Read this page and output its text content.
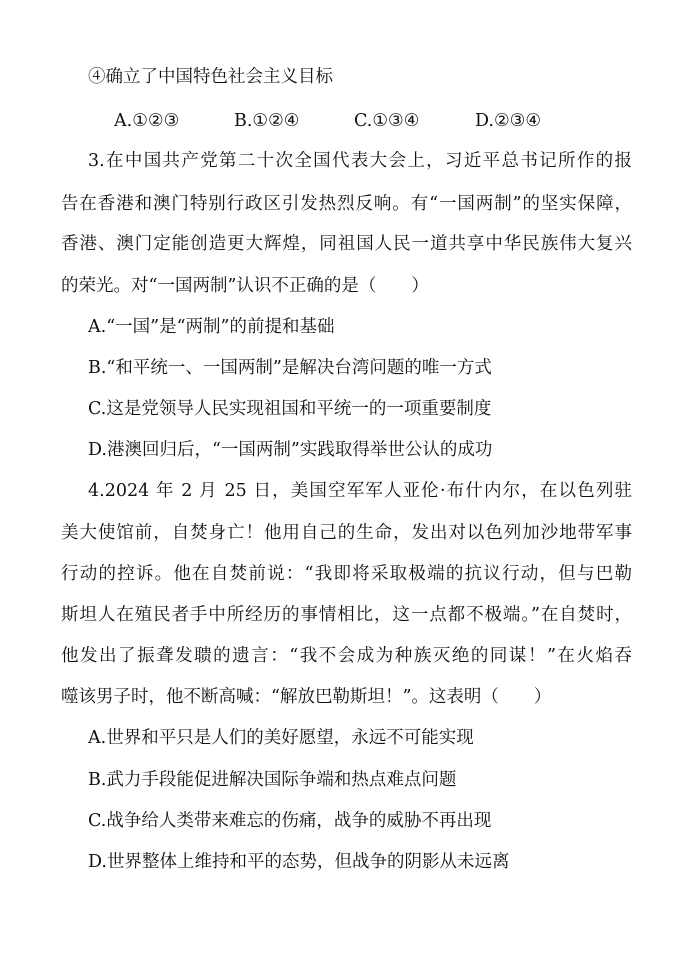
④确立了中国特色社会主义目标
A.①②③	B.①②④	C.①③④	D.②③④
3.在中国共产党第二十次全国代表大会上，习近平总书记所作的报
告在香港和澳门特别行政区引发热烈反响。有“一国两制”的坚实保障，
香港、澳门定能创造更大辉煌，同祖国人民一道共享中华民族伟大复兴
的荣光。对“一国两制”认识不正确的是（　　）
A.“一国”是“两制”的前提和基础
B.“和平统一、一国两制”是解决台湾问题的唯一方式
C.这是党领导人民实现祖国和平统一的一项重要制度
D.港澳回归后，“一国两制”实践取得举世公认的成功
4.2024 年 2 月 25 日，美国空军军人亚伦·布什内尔，在以色列驻
美大使馆前，自焚身亡！他用自己的生命，发出对以色列加沙地带军事
行动的控诉。他在自焚前说：“我即将采取极端的抗议行动，但与巴勒
斯坦人在殖民者手中所经历的事情相比，这一点都不极端。”在自焚时，
他发出了振聋发聩的遗言：“我不会成为种族灭绝的同谋！”在火焰吞
噬该男子时，他不断高喊：“解放巴勒斯坦！”。这表明（　　）
A.世界和平只是人们的美好愿望，永远不可能实现
B.武力手段能促进解决国际争端和热点难点问题
C.战争给人类带来难忘的伤痛，战争的威胁不再出现
D.世界整体上维持和平的态势，但战争的阴影从未远离
